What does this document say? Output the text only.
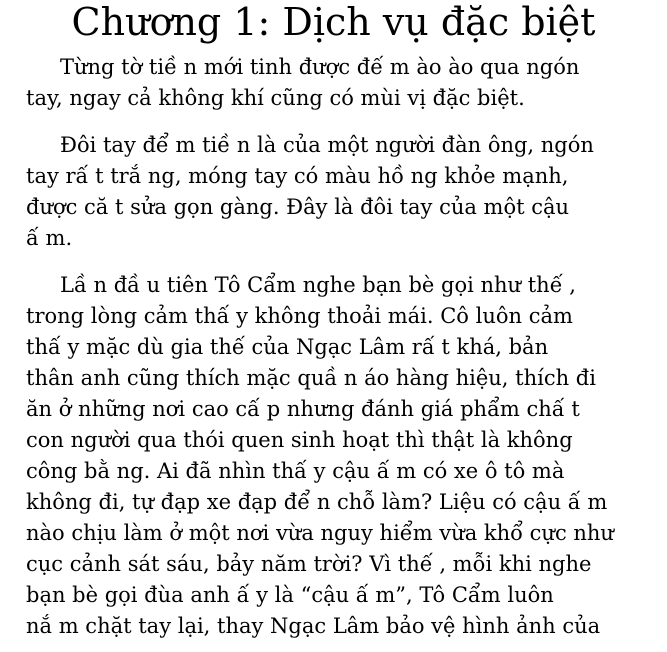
Chương 1: Dịch vụ đặc biệt
Từng tờ tiề n mới tinh được đế m ào ào qua ngón
tay, ngay cả không khí cũng có mùi vị đặc biệt.
Đôi tay để m tiề n là của một người đàn ông, ngón
tay rấ t trắ ng, móng tay có màu hồ ng khỏe mạnh,
được că t sửa gọn gàng. Đây là đôi tay của một cậu
ấ m.
Lầ n đầ u tiên Tô Cẩm nghe bạn bè gọi như thế ,
trong lòng cảm thấ y không thoải mái. Cô luôn cảm
thấ y mặc dù gia thế của Ngạc Lâm rấ t khá, bản
thân anh cũng thích mặc quầ n áo hàng hiệu, thích đi
ăn ở những nơi cao cấ p nhưng đánh giá phẩm chấ t
con người qua thói quen sinh hoạt thì thật là không
công bằ ng. Ai đã nhìn thấ y cậu ấ m có xe ô tô mà
không đi, tự đạp xe đạp để n chỗ làm? Liệu có cậu ấ m
nào chịu làm ở một nơi vừa nguy hiểm vừa khổ cực như
cục cảnh sát sáu, bảy năm trời? Vì thế , mỗi khi nghe
bạn bè gọi đùa anh ấ y là “cậu ấ m”, Tô Cẩm luôn
nắ m chặt tay lại, thay Ngạc Lâm bảo vệ hình ảnh của
